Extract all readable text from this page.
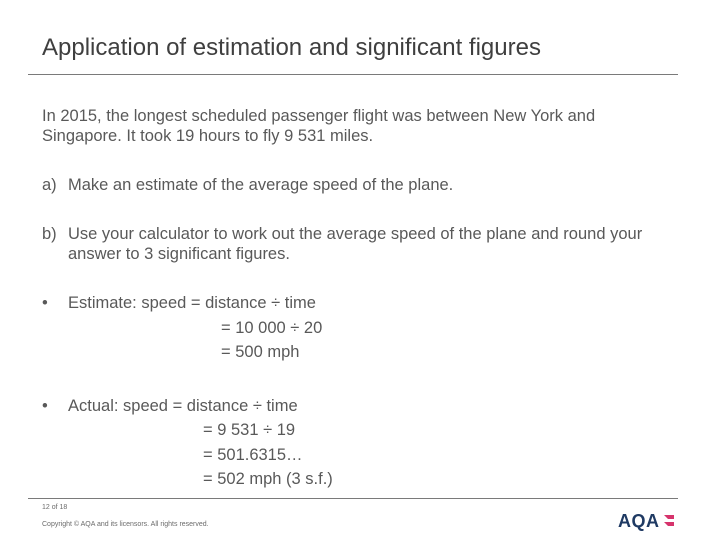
Application of estimation and significant figures

In 2015, the longest scheduled passenger flight was between New York and Singapore. It took 19 hours to fly 9 531 miles.

a) Make an estimate of the average speed of the plane.
b) Use your calculator to work out the average speed of the plane and round your answer to 3 significant figures.
•	Estimate: speed = distance ÷ time
= 10 000 ÷ 20
= 500 mph
•	Actual: speed = distance ÷ time
= 9 531 ÷ 19
= 501.6315…
= 502 mph (3 s.f.)
12 of 18
Copyright © AQA and its licensors. All rights reserved.	AQA
